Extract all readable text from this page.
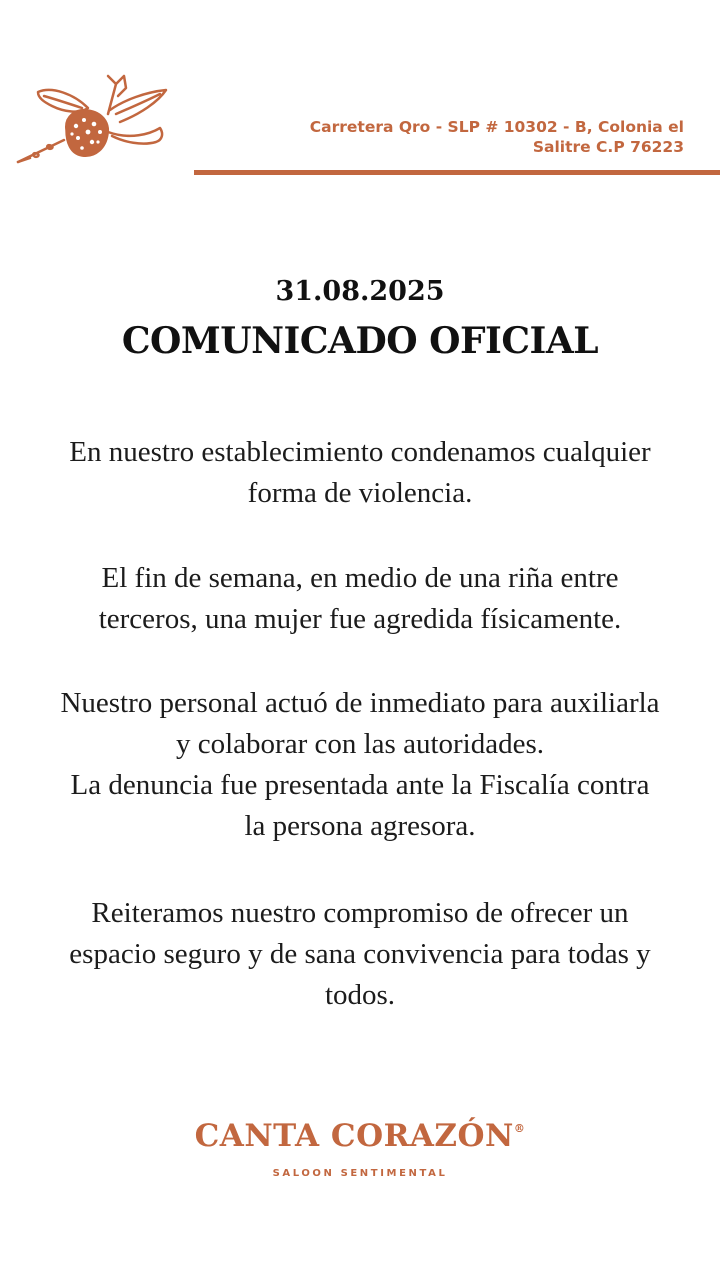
Carretera Qro - SLP # 10302 - B, Colonia el Salitre C.P 76223
31.08.2025
COMUNICADO OFICIAL
En nuestro establecimiento condenamos cualquier forma de violencia.
El fin de semana, en medio de una riña entre terceros, una mujer fue agredida físicamente.
Nuestro personal actuó de inmediato para auxiliarla y colaborar con las autoridades.
La denuncia fue presentada ante la Fiscalía contra la persona agresora.
Reiteramos nuestro compromiso de ofrecer un espacio seguro y de sana convivencia para todas y todos.
CANTA CORAZÓN®
SALOON SENTIMENTAL
